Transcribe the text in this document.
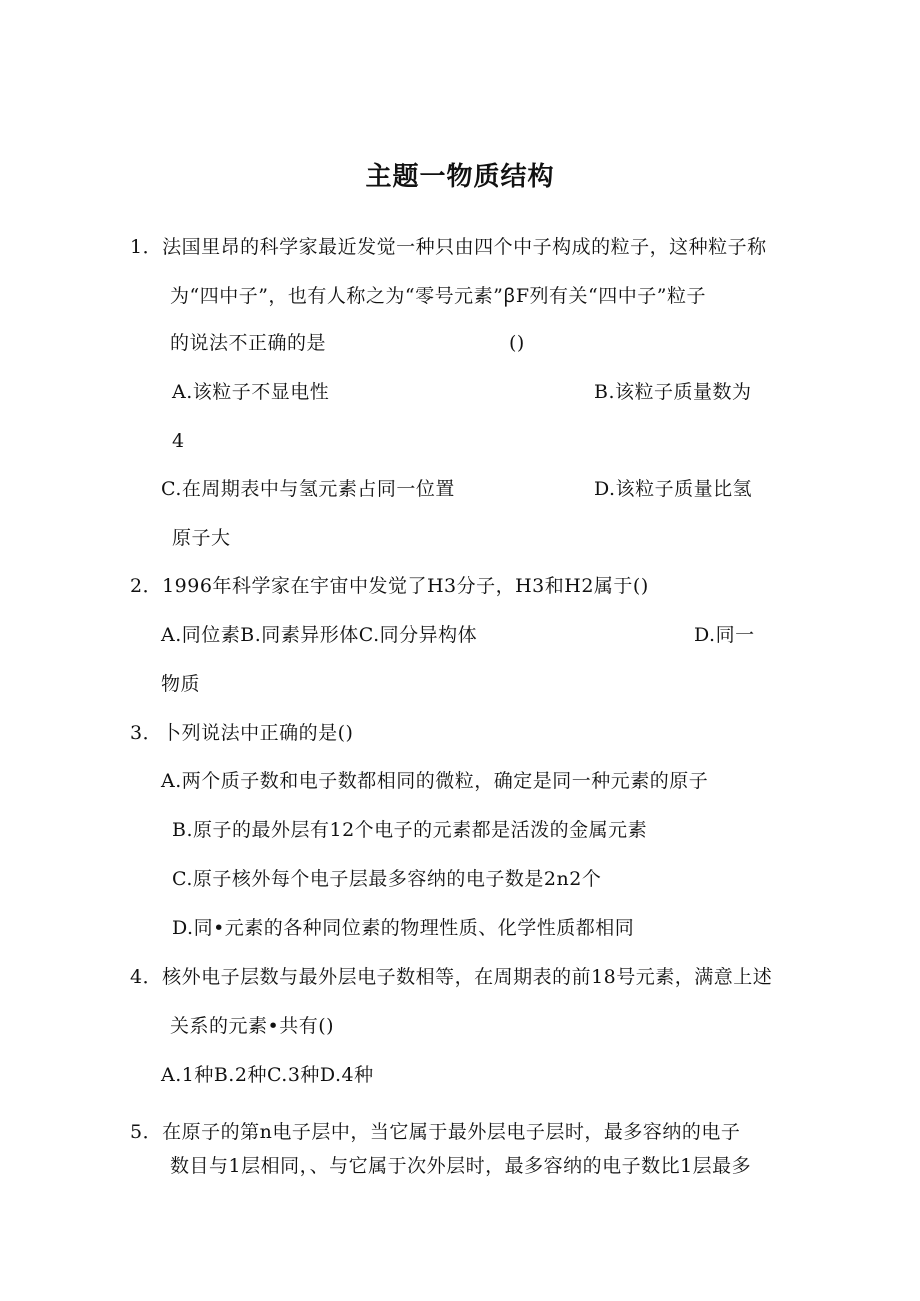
主题一物质结构
1．法国里昂的科学家最近发觉一种只由四个中子构成的粒子，这种粒子称
为“四中子”，也有人称之为“零号元素”ꞵF列有关“四中子”粒子
的说法不正确的是	()
A.该粒子不显电性	B.该粒子质量数为
4
C.在周期表中与氢元素占同一位置	D.该粒子质量比氢
原子大
2．1996年科学家在宇宙中发觉了H3分子，H3和H2属于()
A.同位素B.同素异形体C.同分异构体	D.同一
物质
3．卜列说法中正确的是()
A.两个质子数和电子数都相同的微粒，确定是同一种元素的原子
B.原子的最外层有12个电子的元素都是活泼的金属元素
C.原子核外每个电子层最多容纳的电子数是2n2个
D.同•元素的各种同位素的物理性质、化学性质都相同
4．核外电子层数与最外层电子数相等，在周期表的前18号元素，满意上述
关系的元素•共有()
A.1种B.2种C.3种D.4种
5．在原子的第n电子层中，当它属于最外层电子层时，最多容纳的电子
数目与1层相同，、与它属于次外层时，最多容纳的电子数比1层最多
